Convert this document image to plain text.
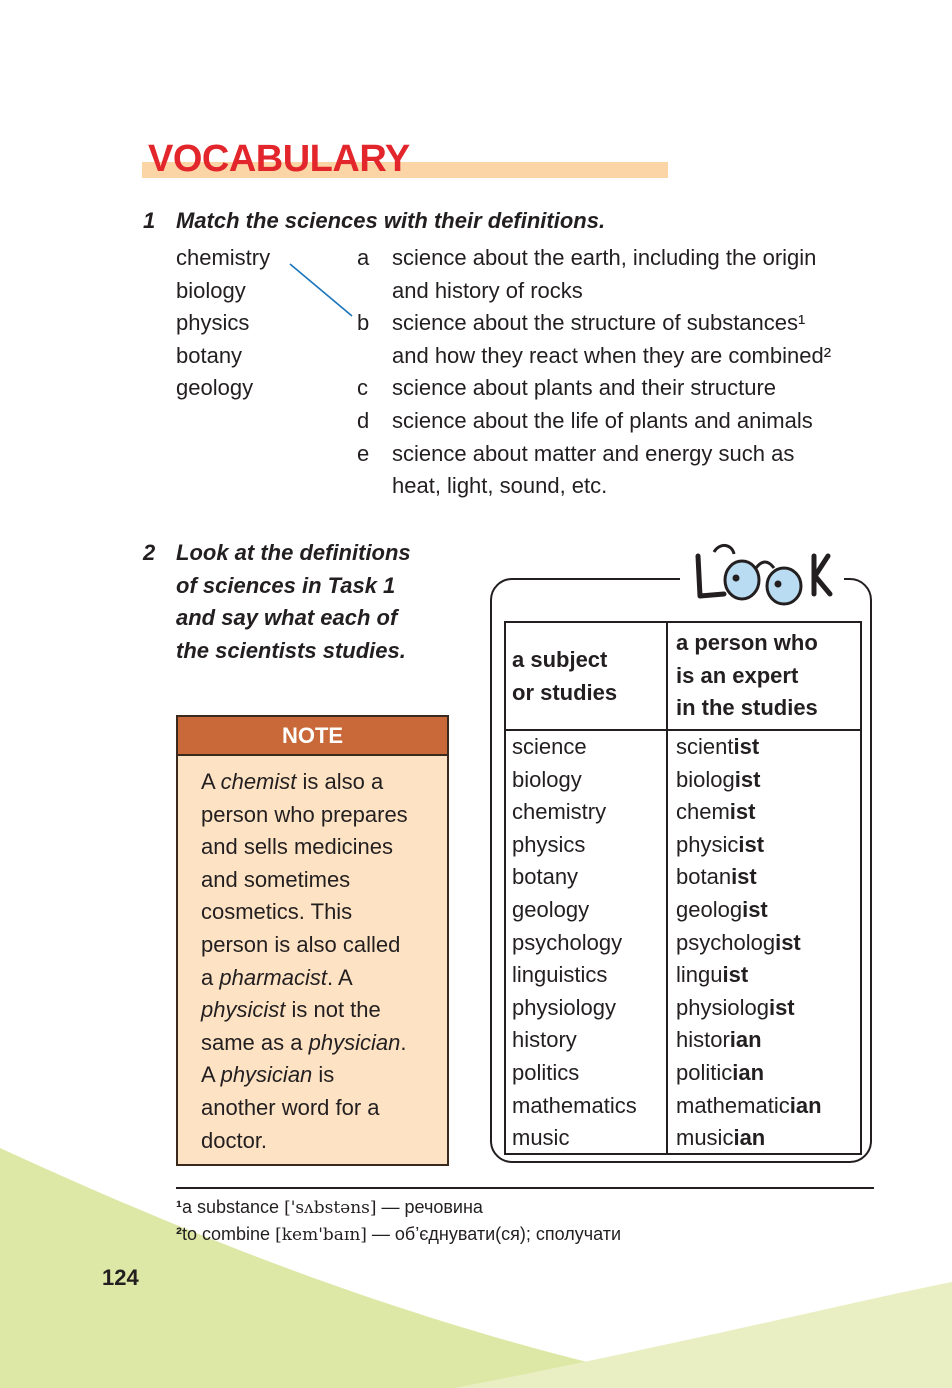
VOCABULARY
1 Match the sciences with their definitions.
chemistry
biology
physics
botany
geology
a
b
c
d
e
science about the earth, including the origin
and history of rocks
science about the structure of substances¹
and how they react when they are combined²
science about plants and their structure
science about the life of plants and animals
science about matter and energy such as
heat, light, sound, etc.
2 Look at the definitions
of sciences in Task 1
and say what each of
the scientists studies.	a subject
or studies
a person who
is an expert
in the studies
science
biology
chemistry
physics
botany
geology
psychology
linguistics
physiology
history
politics
mathematics
music
scientist
biologist
chemist
physicist
botanist
geologist
psychologist
linguist
physiologist
historian
politician
mathematician
musician
NOTE
A chemist is also a
person who prepares
and sells medicines
and sometimes
cosmetics. This
person is also called
a pharmacist. A
physicist is not the
same as a physician.
A physician is
another word for a
doctor.
¹a substance ['sʌbstəns] — речовина
²to combine [kem'baɪn] — об’єднувати(ся); сполучати
124
